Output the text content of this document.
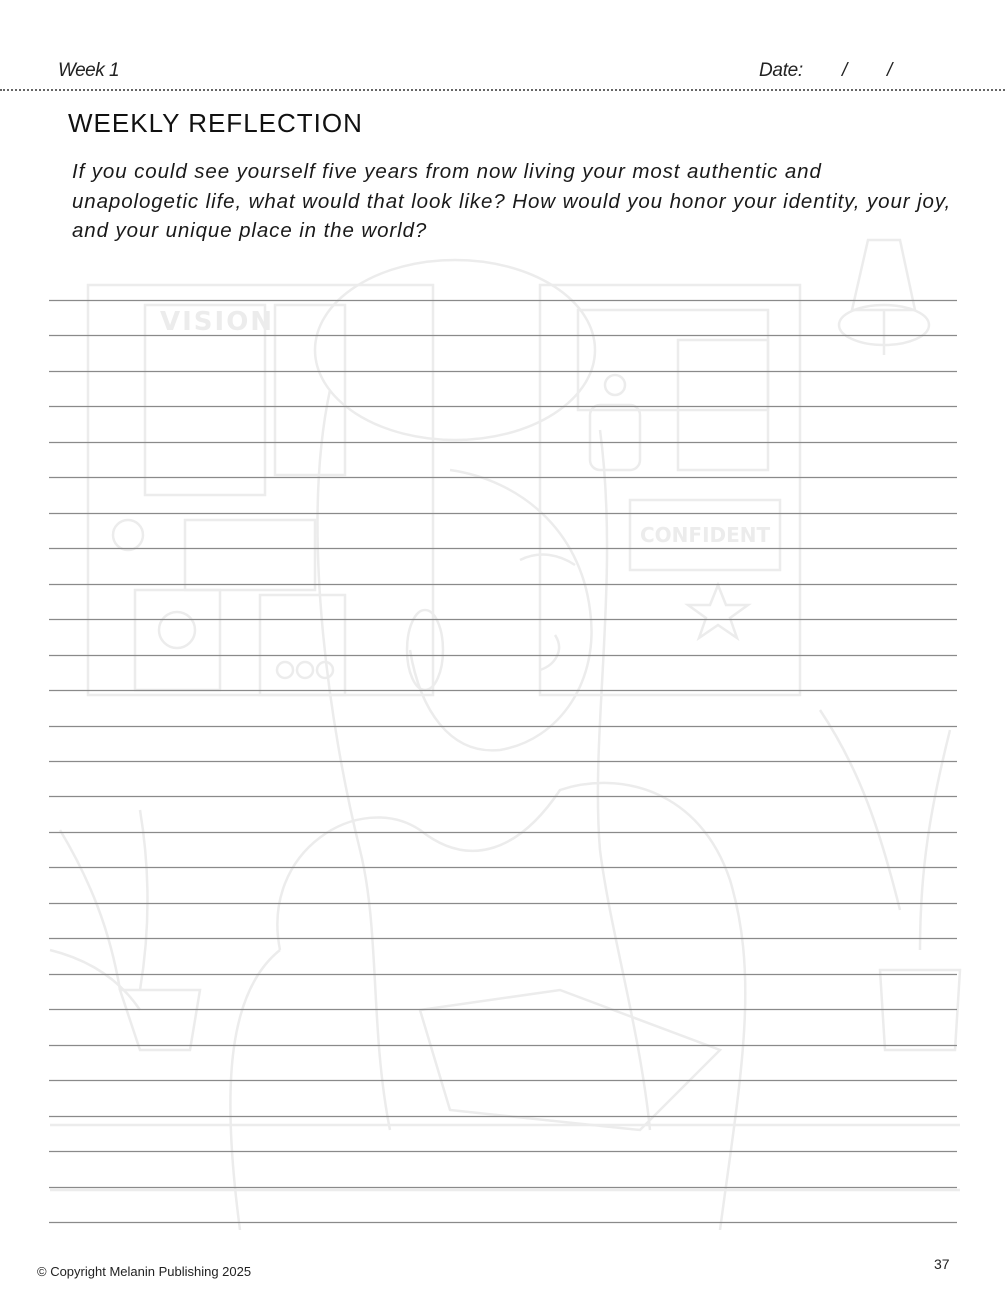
Week 1	Date: / /
WEEKLY REFLECTION
If you could see yourself five years from now living your most authentic and unapologetic life, what would that look like? How would you honor your identity, your joy, and your unique place in the world?
VISION
CONFIDENT
© Copyright Melanin Publishing 2025	37
